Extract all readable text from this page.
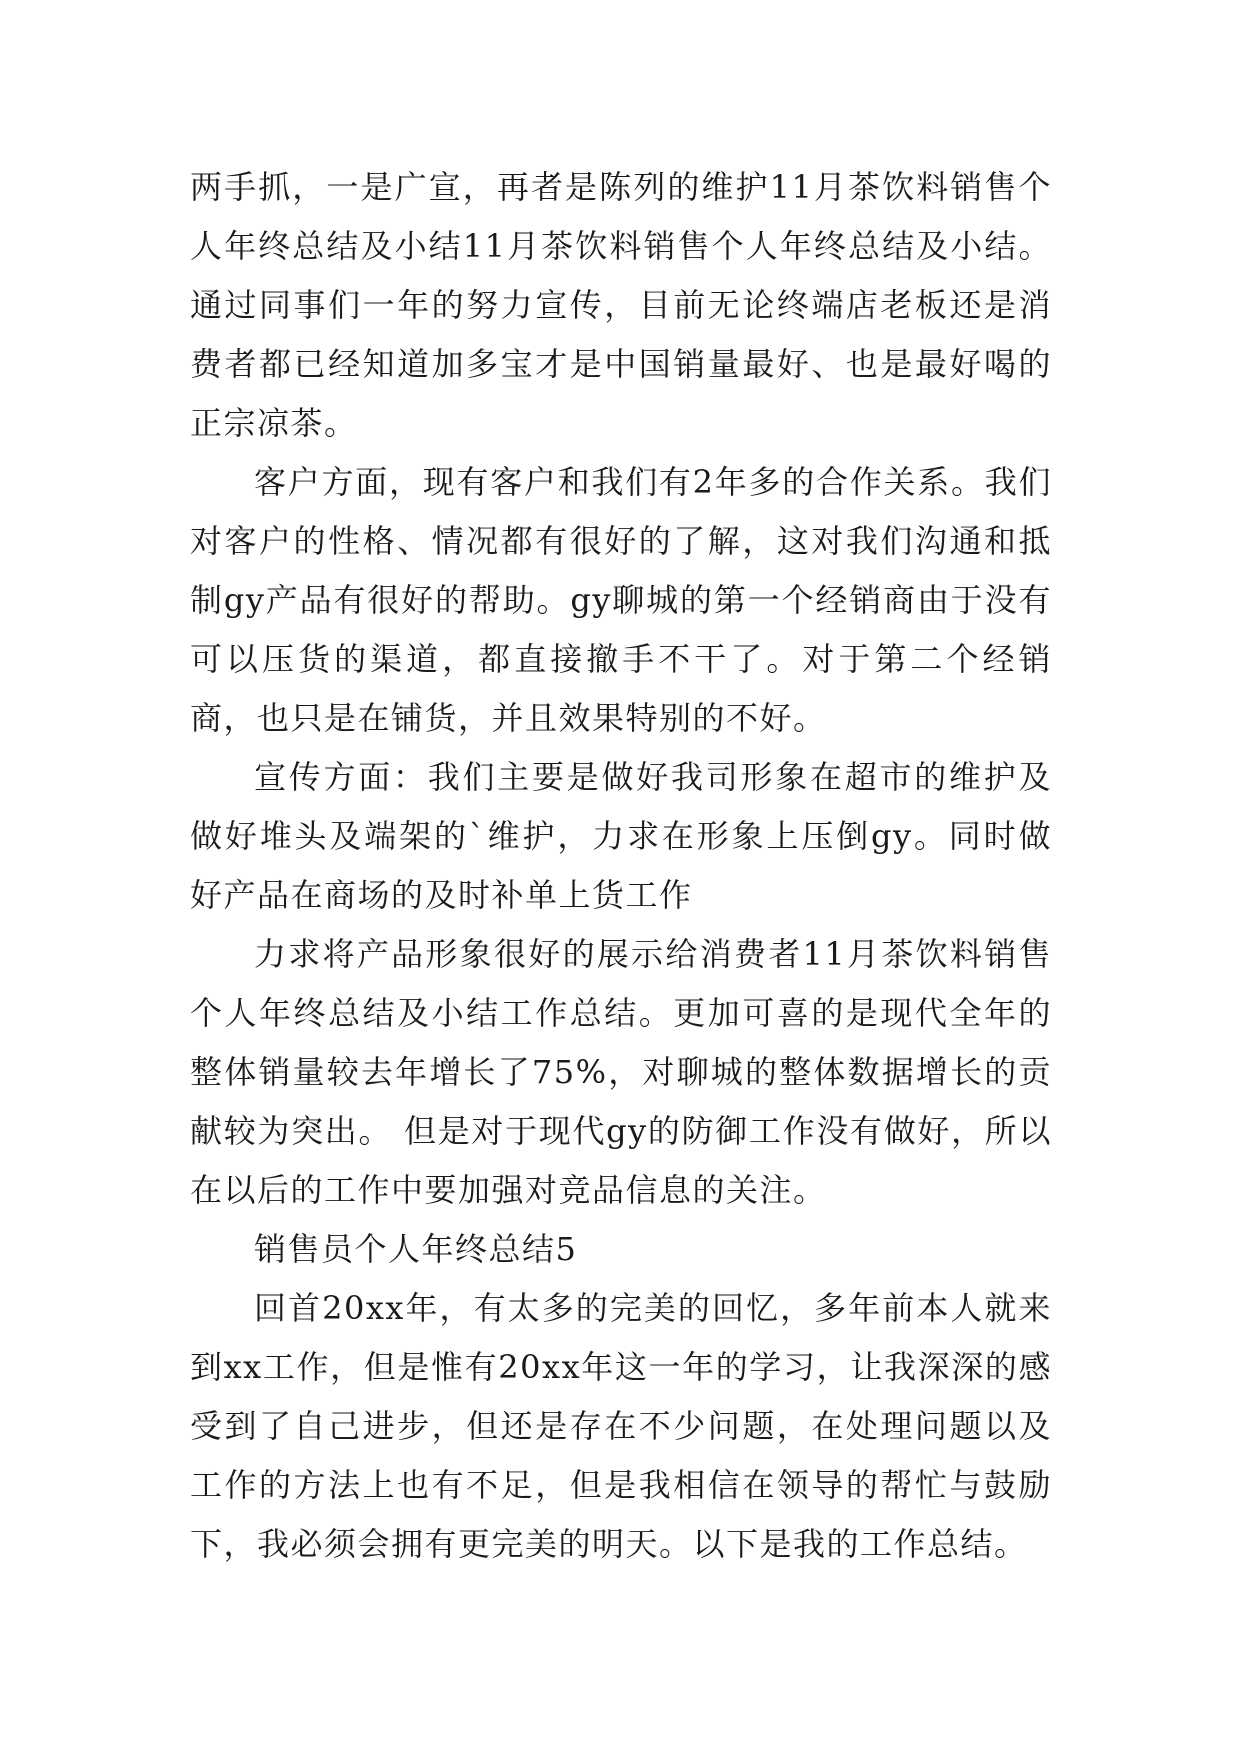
两手抓，一是广宣，再者是陈列的维护11月茶饮料销售个人年终总结及小结11月茶饮料销售个人年终总结及小结。通过同事们一年的努力宣传，目前无论终端店老板还是消费者都已经知道加多宝才是中国销量最好、也是最好喝的正宗凉茶。

客户方面，现有客户和我们有2年多的合作关系。我们对客户的性格、情况都有很好的了解，这对我们沟通和抵制gy产品有很好的帮助。gy聊城的第一个经销商由于没有可以压货的渠道，都直接撤手不干了。对于第二个经销商，也只是在铺货，并且效果特别的不好。

宣传方面：我们主要是做好我司形象在超市的维护及做好堆头及端架的`维护，力求在形象上压倒gy。同时做好产品在商场的及时补单上货工作

力求将产品形象很好的展示给消费者11月茶饮料销售个人年终总结及小结工作总结。更加可喜的是现代全年的整体销量较去年增长了75%，对聊城的整体数据增长的贡献较为突出。 但是对于现代gy的防御工作没有做好，所以在以后的工作中要加强对竞品信息的关注。

销售员个人年终总结5

回首20xx年，有太多的完美的回忆，多年前本人就来到xx工作，但是惟有20xx年这一年的学习，让我深深的感受到了自己进步，但还是存在不少问题，在处理问题以及工作的方法上也有不足，但是我相信在领导的帮忙与鼓励下，我必须会拥有更完美的明天。以下是我的工作总结。
